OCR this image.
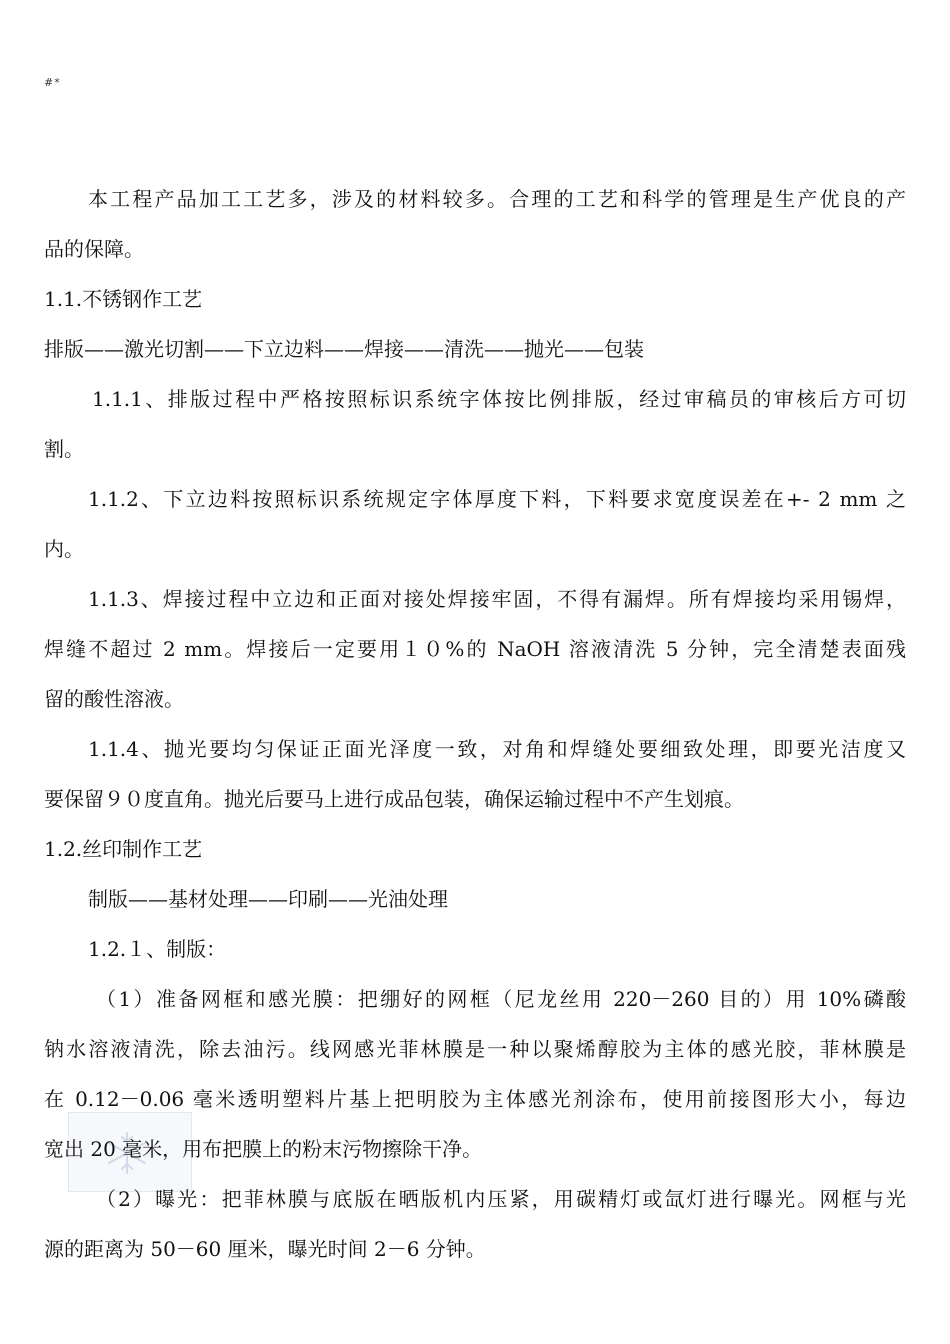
#*
本工程产品加工工艺多，涉及的材料较多。合理的工艺和科学的管理是生产优良的产
品的保障。
1.1.不锈钢作工艺
排版——激光切割——下立边料——焊接——清洗——抛光——包装
1.1.1、排版过程中严格按照标识系统字体按比例排版，经过审稿员的审核后方可切
割。
1.1.2、下立边料按照标识系统规定字体厚度下料，下料要求宽度误差在+- 2 mm 之
内。
1.1.3、焊接过程中立边和正面对接处焊接牢固，不得有漏焊。所有焊接均采用锡焊，
焊缝不超过 2 mm。焊接后一定要用１０%的 NaOH 溶液清洗 5 分钟，完全清楚表面残
留的酸性溶液。
1.1.4、抛光要均匀保证正面光泽度一致，对角和焊缝处要细致处理，即要光洁度又
要保留９０度直角。抛光后要马上进行成品包装，确保运输过程中不产生划痕。
1.2.丝印制作工艺
制版——基材处理——印刷——光油处理
1.2.１、制版：
（1）准备网框和感光膜：把绷好的网框（尼龙丝用 220－260 目的）用 10%磷酸
钠水溶液清洗，除去油污。线网感光菲林膜是一种以聚烯醇胶为主体的感光胶，菲林膜是
在 0.12－0.06 毫米透明塑料片基上把明胶为主体感光剂涂布，使用前接图形大小，每边
宽出 20 毫米，用布把膜上的粉末污物擦除干净。
（2）曝光：把菲林膜与底版在晒版机内压紧，用碳精灯或氙灯进行曝光。网框与光
源的距离为 50－60 厘米，曝光时间 2－6 分钟。
